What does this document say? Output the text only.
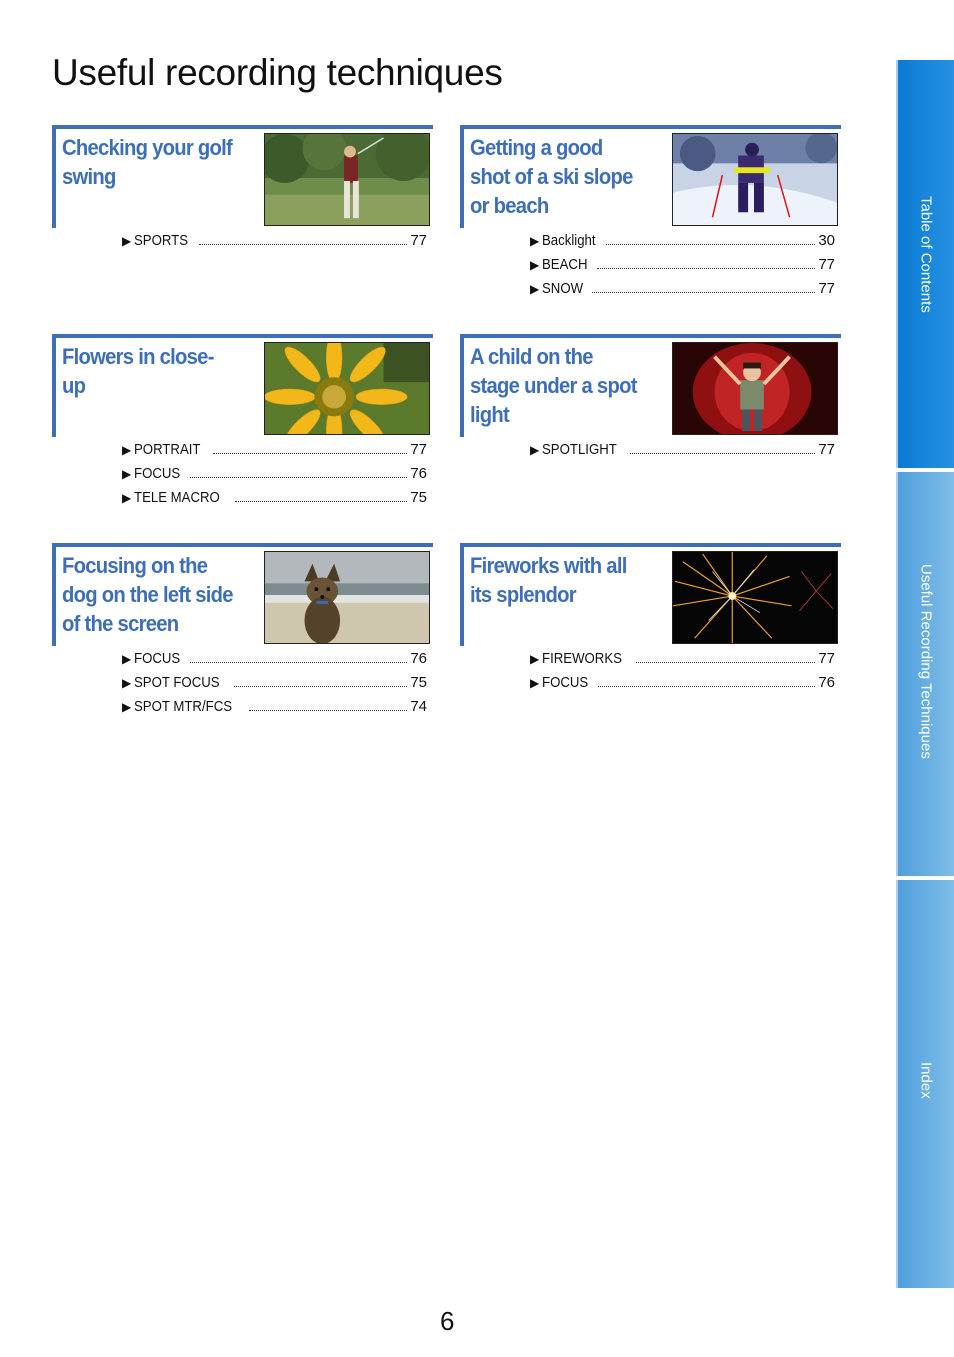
Useful recording techniques
Checking your golf swing
▶ SPORTS	77
Getting a good shot of a ski slope or beach
▶ Backlight	30
▶ BEACH	77
▶ SNOW	77
Flowers in close-up
▶ PORTRAIT	77
▶ FOCUS	76
▶ TELE MACRO	75
A child on the stage under a spot light
▶ SPOTLIGHT	77
Focusing on the dog on the left side of the screen
▶ FOCUS	76
▶ SPOT FOCUS	75
▶ SPOT MTR/FCS	74
Fireworks with all its splendor
▶ FIREWORKS	77
▶ FOCUS	76
Table of Contents
Useful Recording Techniques
Index
6
